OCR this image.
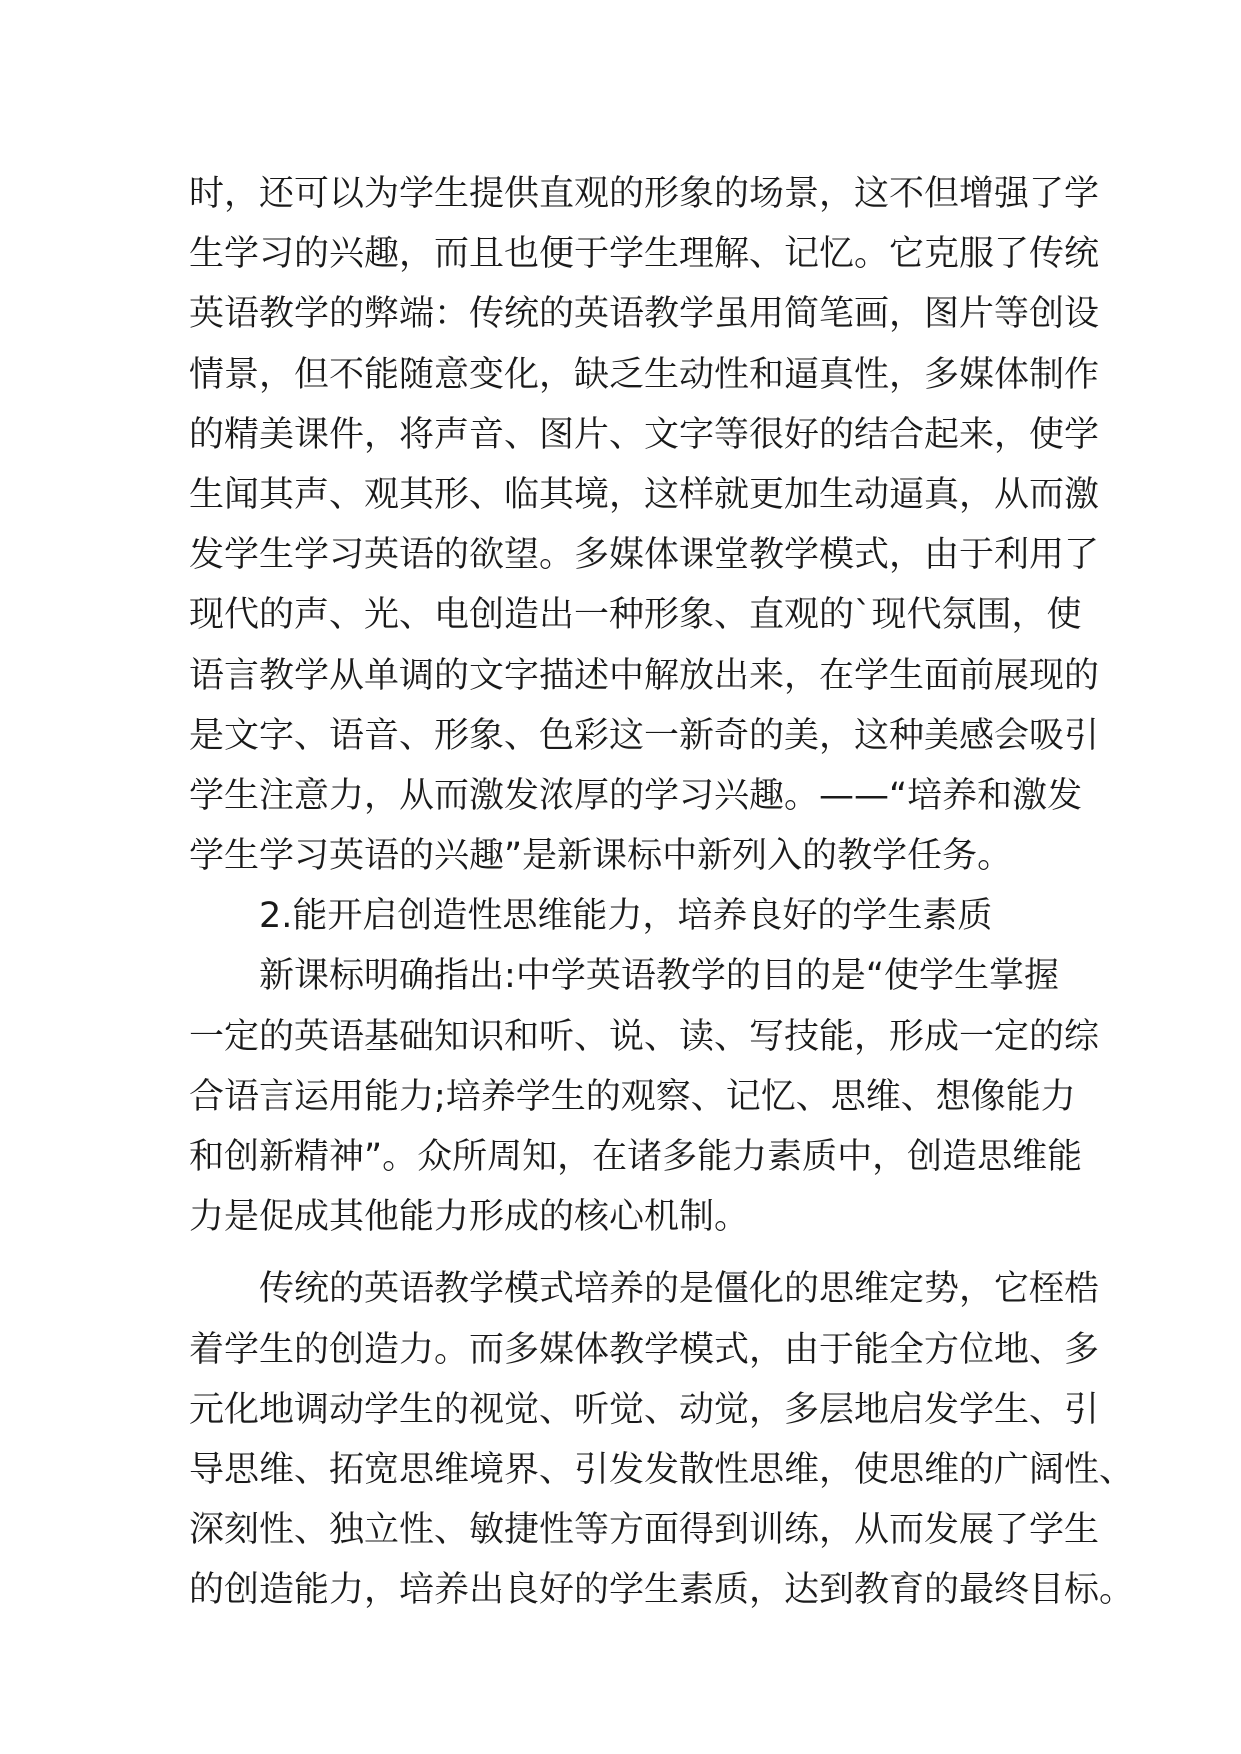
时，还可以为学生提供直观的形象的场景，这不但增强了学
生学习的兴趣，而且也便于学生理解、记忆。它克服了传统
英语教学的弊端：传统的英语教学虽用简笔画，图片等创设
情景，但不能随意变化，缺乏生动性和逼真性，多媒体制作
的精美课件，将声音、图片、文字等很好的结合起来，使学
生闻其声、观其形、临其境，这样就更加生动逼真，从而激
发学生学习英语的欲望。多媒体课堂教学模式，由于利用了
现代的声、光、电创造出一种形象、直观的`现代氛围，使
语言教学从单调的文字描述中解放出来，在学生面前展现的
是文字、语音、形象、色彩这一新奇的美，这种美感会吸引
学生注意力，从而激发浓厚的学习兴趣。——“培养和激发
学生学习英语的兴趣”是新课标中新列入的教学任务。
2.能开启创造性思维能力，培养良好的学生素质
新课标明确指出:中学英语教学的目的是“使学生掌握
一定的英语基础知识和听、说、读、写技能，形成一定的综
合语言运用能力;培养学生的观察、记忆、思维、想像能力
和创新精神”。众所周知，在诸多能力素质中，创造思维能
力是促成其他能力形成的核心机制。
传统的英语教学模式培养的是僵化的思维定势，它桎梏
着学生的创造力。而多媒体教学模式，由于能全方位地、多
元化地调动学生的视觉、听觉、动觉，多层地启发学生、引
导思维、拓宽思维境界、引发发散性思维，使思维的广阔性、
深刻性、独立性、敏捷性等方面得到训练，从而发展了学生
的创造能力，培养出良好的学生素质，达到教育的最终目标。
